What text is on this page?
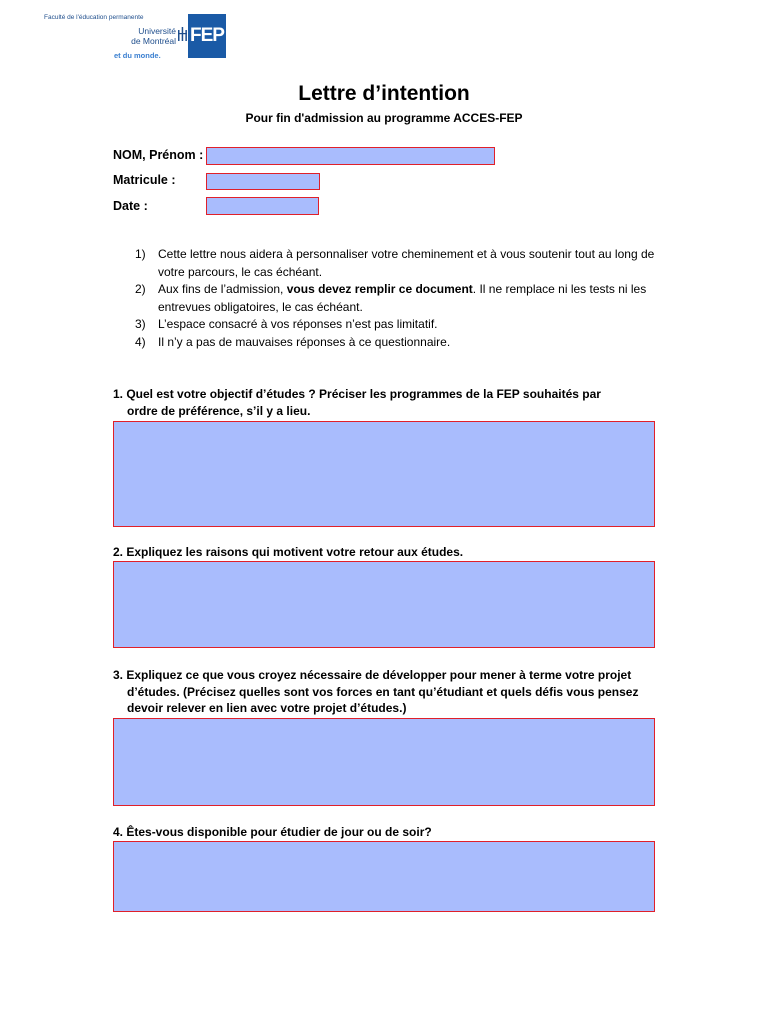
Faculté de l'éducation permanente
Université
de Montréal
et du monde.
FEP
Lettre d’intention
Pour fin d'admission au programme ACCES-FEP
NOM, Prénom :
Matricule :
Date :
1) Cette lettre nous aidera à personnaliser votre cheminement et à vous soutenir tout au long de votre parcours, le cas échéant.
2) Aux fins de l’admission, vous devez remplir ce document. Il ne remplace ni les tests ni les entrevues obligatoires, le cas échéant.
3) L’espace consacré à vos réponses n’est pas limitatif.
4) Il n’y a pas de mauvaises réponses à ce questionnaire.
1. Quel est votre objectif d’études ? Préciser les programmes de la FEP souhaités par ordre de préférence, s’il y a lieu.
2. Expliquez les raisons qui motivent votre retour aux études.
3. Expliquez ce que vous croyez nécessaire de développer pour mener à terme votre projet d’études. (Précisez quelles sont vos forces en tant qu’étudiant et quels défis vous pensez devoir relever en lien avec votre projet d’études.)
4. Êtes-vous disponible pour étudier de jour ou de soir?
